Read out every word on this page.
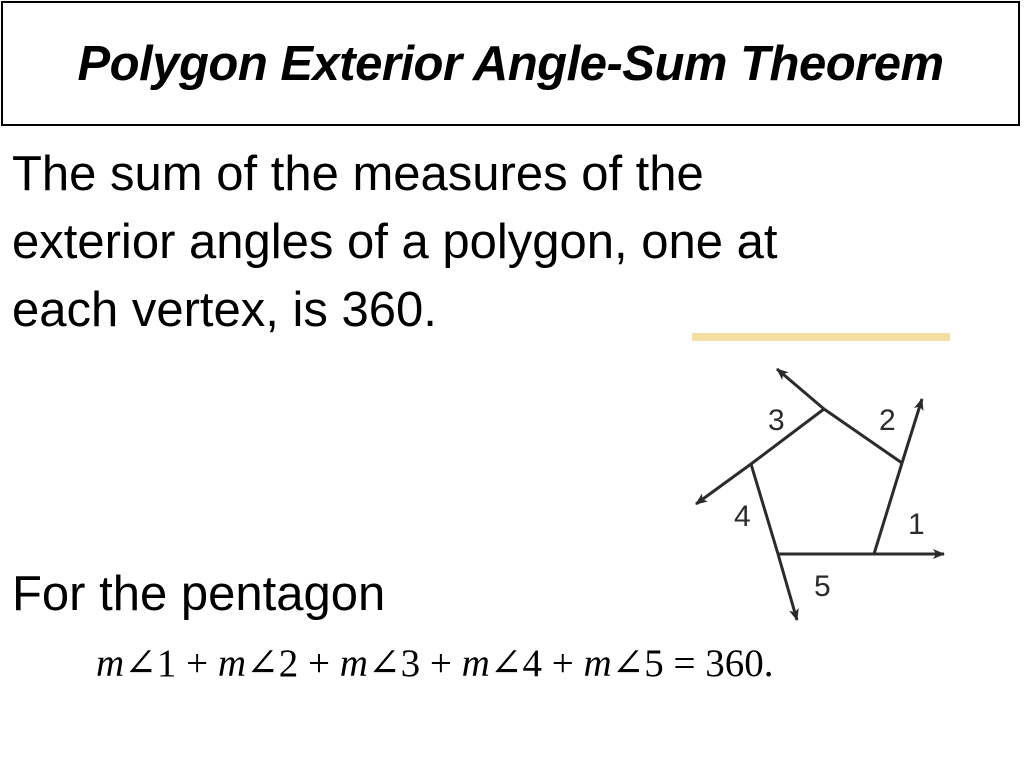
Polygon Exterior Angle-Sum Theorem

The sum of the measures of the
exterior angles of a polygon, one at
each vertex, is 360.

1
2
3
4
5

For the pentagon

m∠1 + m∠2 + m∠3 + m∠4 + m∠5 = 360.
